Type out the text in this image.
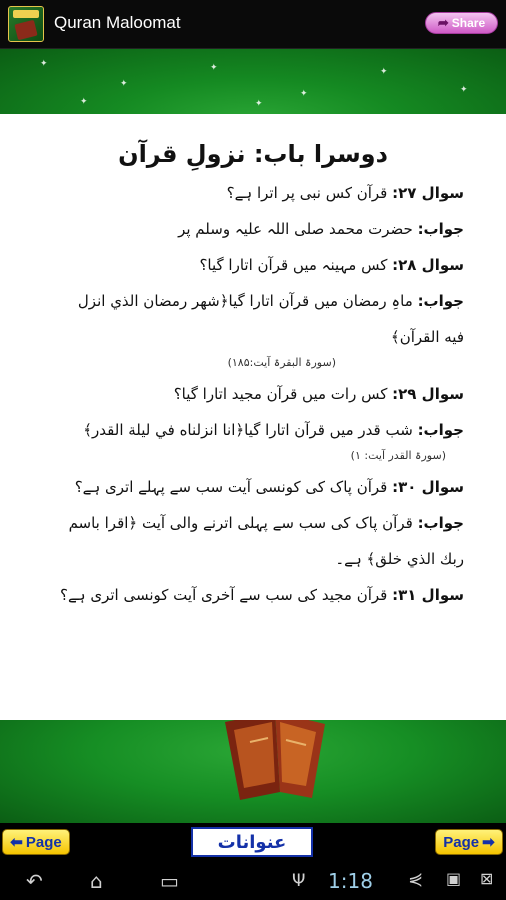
Quran Maloomat	➦ Share
✦
✦
✦
✦
✦
✦
✦	✦
دوسرا باب: نزولِ قرآن
سوال ۲۷: قرآن کس نبی پر اترا ہے؟
جواب: حضرت محمد صلی اللہ علیہ وسلم پر
سوال ۲۸: کس مہینہ میں قرآن اتارا گیا؟
جواب: ماہِ رمضان میں قرآن اتارا گیا﴿شهر رمضان الذي انزل
فيه القرآن﴾
(سورۃ البقرۃ آیت:۱۸۵)
سوال ۲۹: کس رات میں قرآن مجید اتارا گیا؟
جواب: شب قدر میں قرآن اتارا گیا﴿انا انزلناه في ليلة القدر﴾
(سورۃ القدر آیت: ۱)
سوال ۳۰: قرآن پاک کی کونسی آیت سب سے پہلے اتری ہے؟
جواب: قرآن پاک کی سب سے پہلی اترنے والی آیت ﴿اقرا باسم
ربك الذي خلق﴾ ہے۔
سوال ۳۱: قرآن مجید کی سب سے آخری آیت کونسی اتری ہے؟
⬅ Page	عنوانات	Page ➡
↶ ⌂	▭	Ψ 1:18 ⋞ ▣ ⊠
